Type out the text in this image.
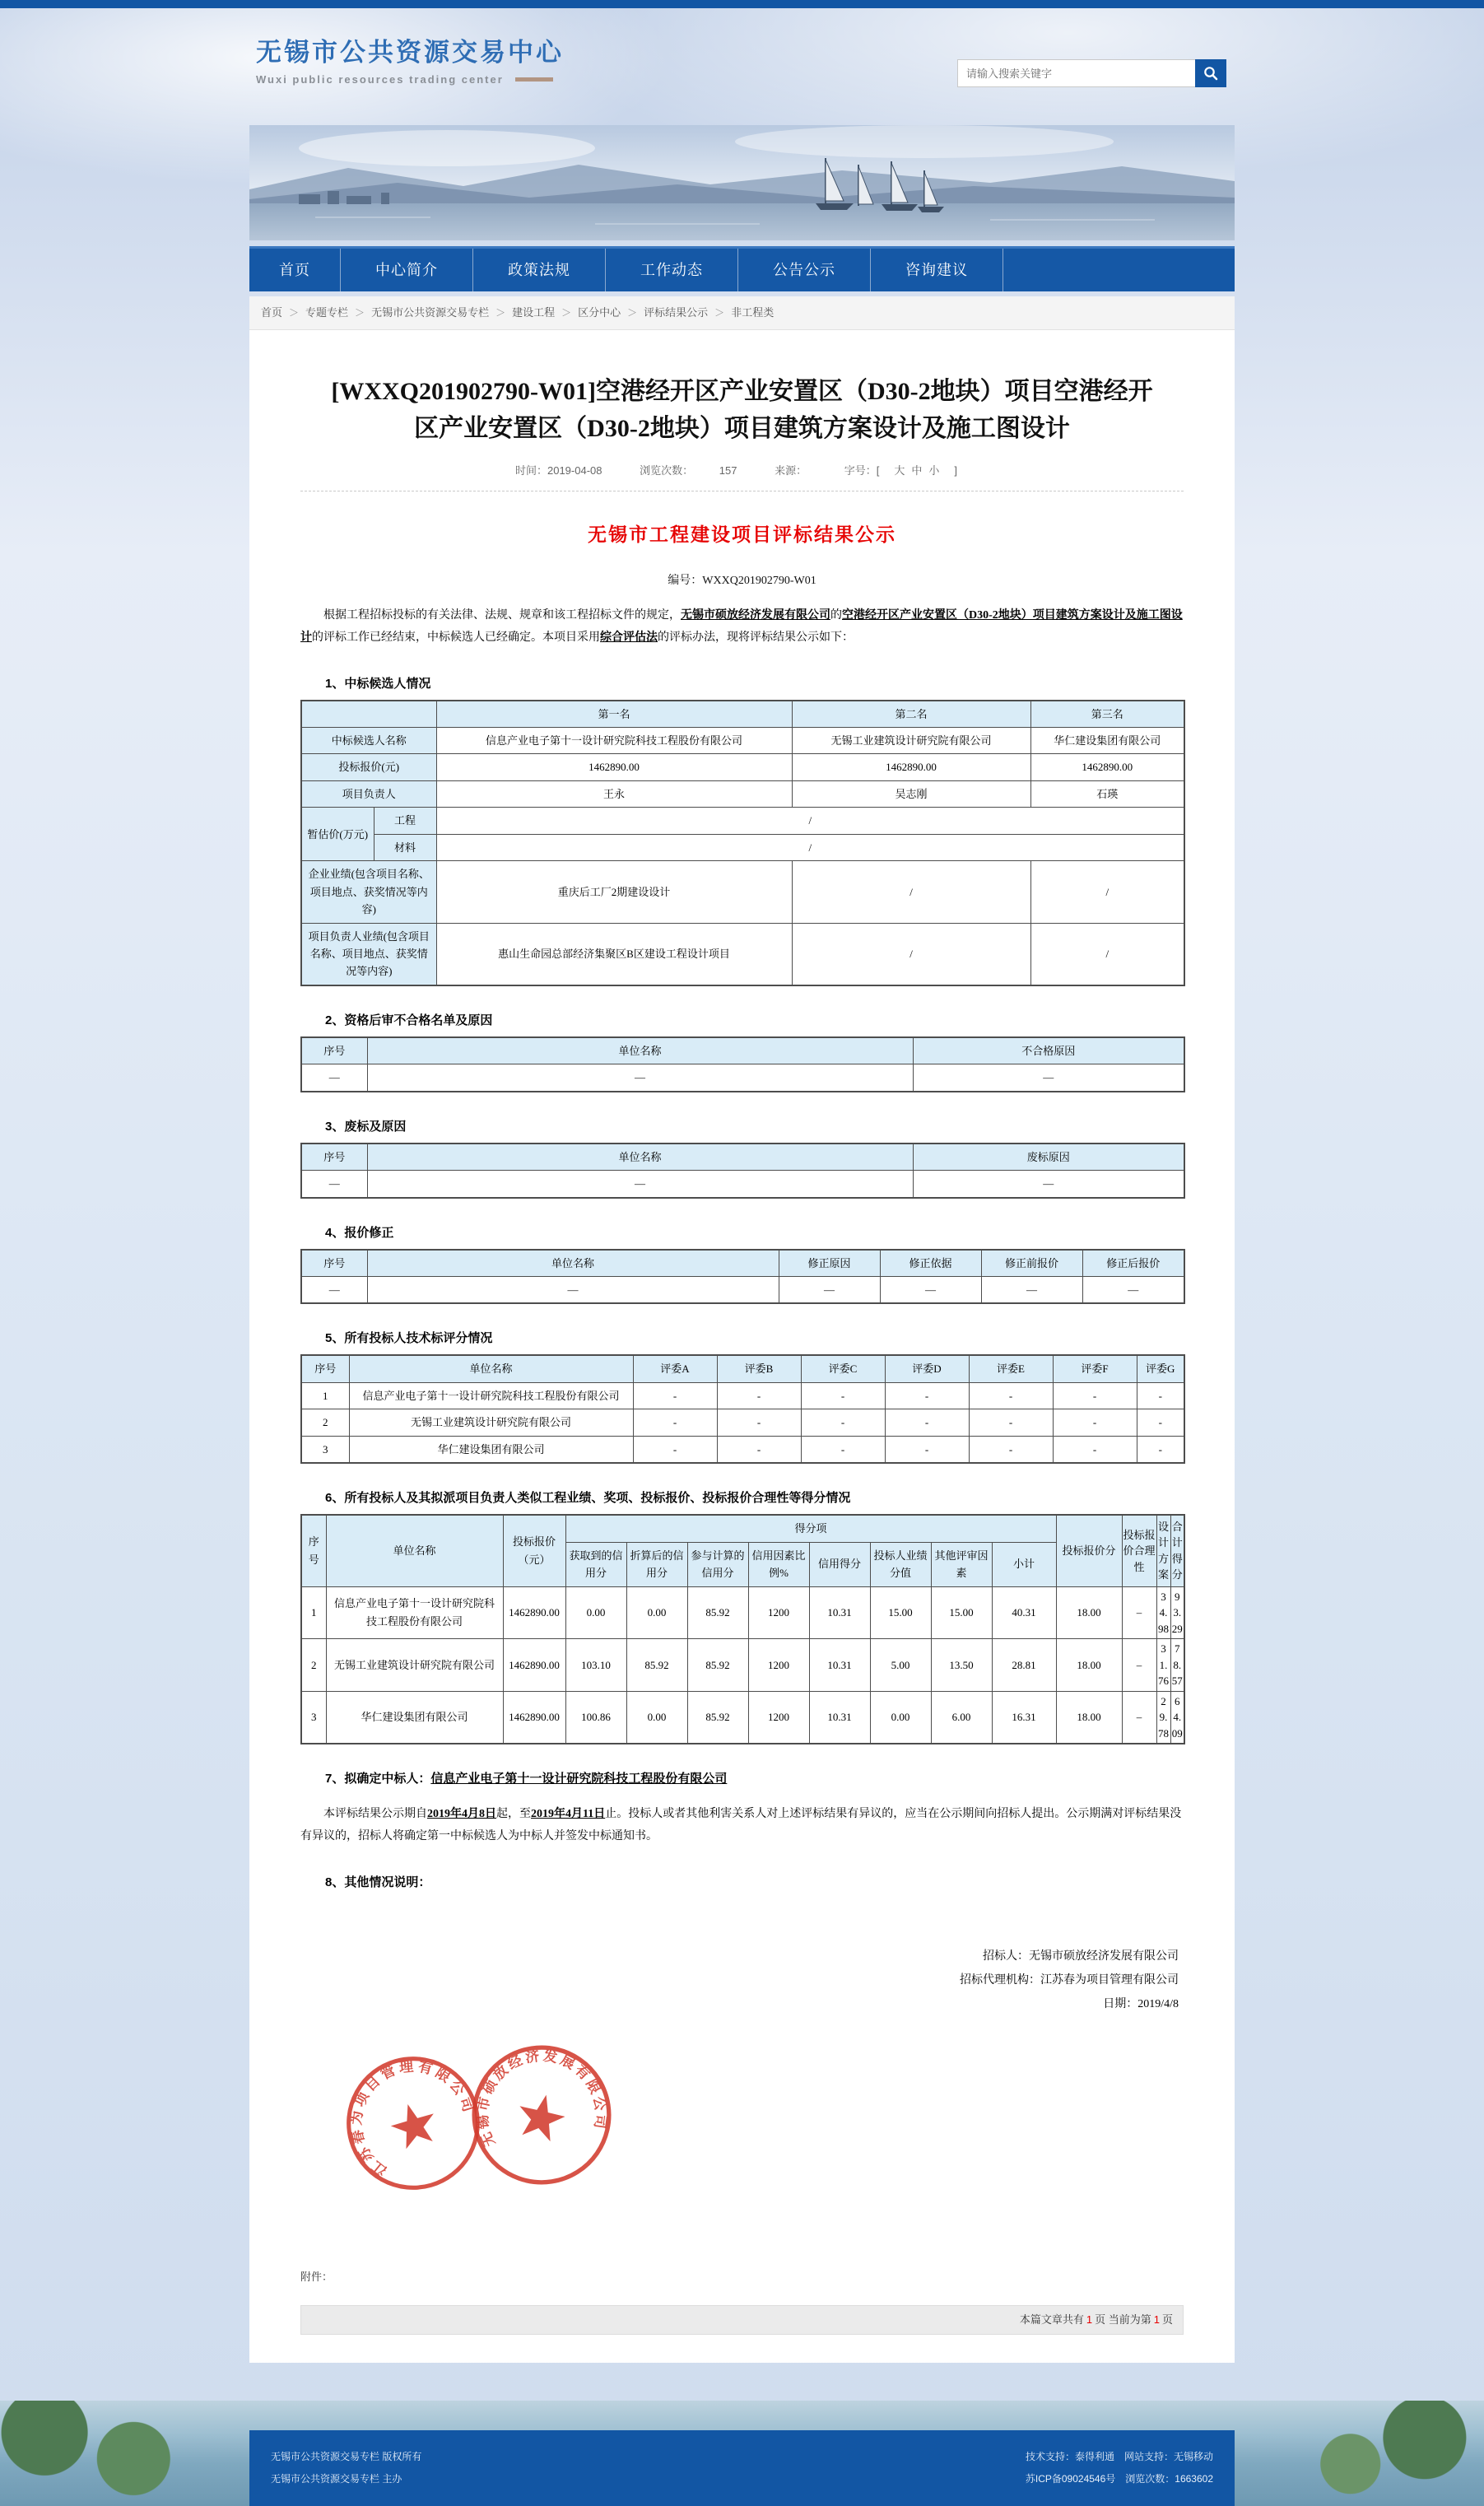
无锡市公共资源交易中心
Wuxi public resources trading center
请输入搜索关键字
首页	中心简介	政策法规	工作动态	公告公示	咨询建议
首页 ＞ 专题专栏 ＞ 无锡市公共资源交易专栏 ＞ 建设工程 ＞ 区分中心 ＞ 评标结果公示 ＞ 非工程类
[WXXQ201902790-W01]空港经开区产业安置区（D30-2地块）项目空港经开区产业安置区（D30-2地块）项目建筑方案设计及施工图设计
时间：2019-04-08	浏览次数： 157	来源：	字号：[ 大 中 小 ]
无锡市工程建设项目评标结果公示
编号：WXXQ201902790-W01

根据工程招标投标的有关法律、法规、规章和该工程招标文件的规定，无锡市硕放经济发展有限公司的空港经开区产业安置区（D30-2地块）项目建筑方案设计及施工图设计的评标工作已经结束，中标候选人已经确定。本项目采用综合评估法的评标办法，现将评标结果公示如下：

1、中标候选人情况
		第一名	第二名	第三名
中标候选人名称		信息产业电子第十一设计研究院科技工程股份有限公司	无锡工业建筑设计研究院有限公司	华仁建设集团有限公司
投标报价(元)		1462890.00	1462890.00	1462890.00
项目负责人		王永	吴志刚	石瑛
暂估价(万元)	工程	/		
	材料	/		
企业业绩(包含项目名称、项目地点、获奖情况等内容)		重庆后工厂2期建设设计	/	/
项目负责人业绩(包含项目名称、项目地点、获奖情况等内容)		惠山生命园总部经济集聚区B区建设工程设计项目	/	/
2、资格后审不合格名单及原因
序号	单位名称	不合格原因
—	—	—
3、废标及原因
序号	单位名称	废标原因
—	—	—
4、报价修正
序号	单位名称	修正原因	修正依据	修正前报价	修正后报价
—	—	—	—	—	—
5、所有投标人技术标评分情况
序号	单位名称	评委A	评委B	评委C	评委D	评委E	评委F	评委G
1	信息产业电子第十一设计研究院科技工程股份有限公司	-	-	-	-	-	-	-
2	无锡工业建筑设计研究院有限公司	-	-	-	-	-	-	-
3	华仁建设集团有限公司	-	-	-	-	-	-	-
6、所有投标人及其拟派项目负责人类似工程业绩、奖项、投标报价、投标报价合理性等得分情况
序号	单位名称	投标报价（元）	得分项								投标报价分	投标报价合理性	设计方案	合计得分
			获取到的信用分	折算后的信用分	参与计算的信用分	信用因素比例%	信用得分	投标人业绩分值	其他评审因素	小计				
1	信息产业电子第十一设计研究院科技工程股份有限公司	1462890.00	0.00	0.00	85.92	1200	10.31	15.00	15.00	40.31	18.00	–	34.98	93.29
2	无锡工业建筑设计研究院有限公司	1462890.00	103.10	85.92	85.92	1200	10.31	5.00	13.50	28.81	18.00	–	31.76	78.57
3	华仁建设集团有限公司	1462890.00	100.86	0.00	85.92	1200	10.31	0.00	6.00	16.31	18.00	–	29.78	64.09
7、拟确定中标人：信息产业电子第十一设计研究院科技工程股份有限公司

本评标结果公示期自2019年4月8日起，至2019年4月11日止。投标人或者其他利害关系人对上述评标结果有异议的，应当在公示期间向招标人提出。公示期满对评标结果没有异议的，招标人将确定第一中标候选人为中标人并签发中标通知书。

8、其他情况说明：
招标人：无锡市硕放经济发展有限公司
招标代理机构：江苏春为项目管理有限公司
日期：2019/4/8
江苏春为项目管理有限公司
无锡市硕放经济发展有限公司
附件：
本篇文章共有 1 页 当前为第 1 页
无锡市公共资源交易专栏 版权所有
无锡市公共资源交易专栏 主办
技术支持：泰得利通　网站支持：无锡移动
苏ICP备09024546号　浏览次数：1663602
